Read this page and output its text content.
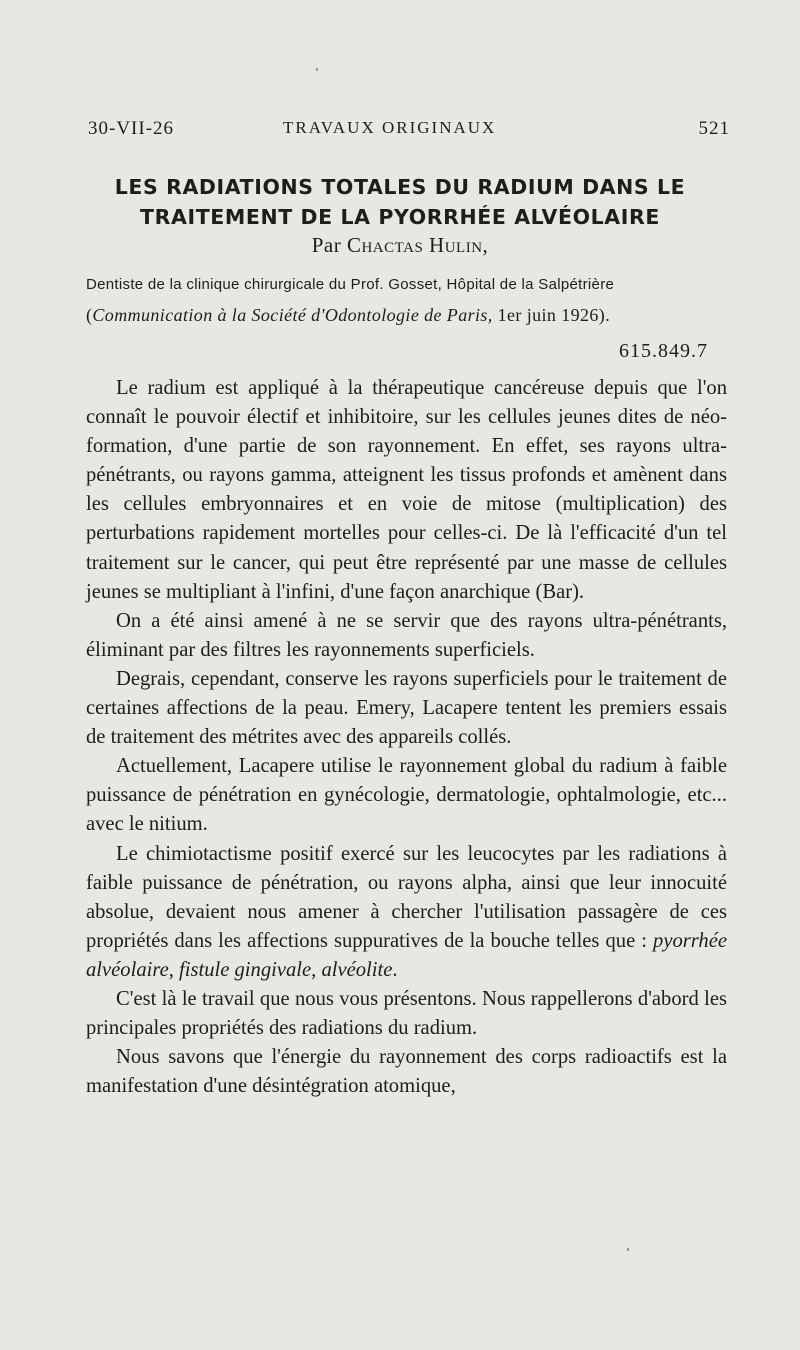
30-VII-26	TRAVAUX ORIGINAUX	521
LES RADIATIONS TOTALES DU RADIUM DANS LE
TRAITEMENT DE LA PYORRHÉE ALVÉOLAIRE
Par Chactas Hulin,
Dentiste de la clinique chirurgicale du Prof. Gosset, Hôpital de la Salpétrière
(Communication à la Société d'Odontologie de Paris, 1er juin 1926).
615.849.7

Le radium est appliqué à la thérapeutique cancéreuse depuis que l'on connaît le pouvoir électif et inhibitoire, sur les cellules jeunes dites de néo-formation, d'une partie de son rayonnement. En effet, ses rayons ultra-pénétrants, ou rayons gamma, atteignent les tissus profonds et amènent dans les cellules embryonnaires et en voie de mitose (multiplication) des perturbations rapidement mortelles pour celles-ci. De là l'efficacité d'un tel traitement sur le cancer, qui peut être représenté par une masse de cellules jeunes se multipliant à l'infini, d'une façon anarchique (Bar).

On a été ainsi amené à ne se servir que des rayons ultra-pénétrants, éliminant par des filtres les rayonnements superficiels.

Degrais, cependant, conserve les rayons superficiels pour le traitement de certaines affections de la peau. Emery, Lacapere tentent les premiers essais de traitement des métrites avec des appareils collés.

Actuellement, Lacapere utilise le rayonnement global du radium à faible puissance de pénétration en gynécologie, dermatologie, ophtalmologie, etc... avec le nitium.

Le chimiotactisme positif exercé sur les leucocytes par les radiations à faible puissance de pénétration, ou rayons alpha, ainsi que leur innocuité absolue, devaient nous amener à chercher l'utilisation passagère de ces propriétés dans les affections suppuratives de la bouche telles que : pyorrhée alvéolaire, fistule gingivale, alvéolite.

C'est là le travail que nous vous présentons. Nous rappellerons d'abord les principales propriétés des radiations du radium.

Nous savons que l'énergie du rayonnement des corps radioactifs est la manifestation d'une désintégration atomique,
